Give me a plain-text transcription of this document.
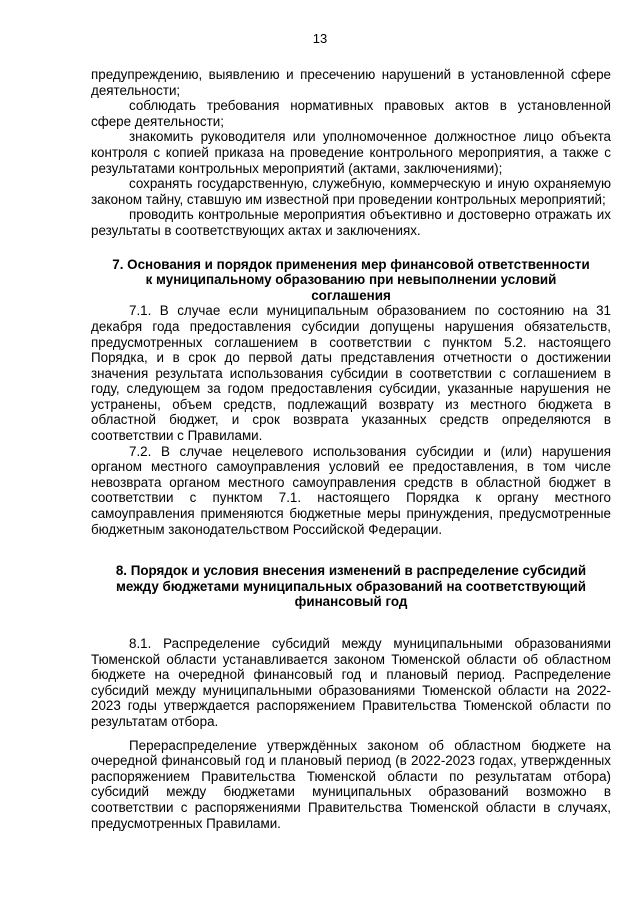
13

предупреждению, выявлению и пресечению нарушений в установленной сфере деятельности;

соблюдать требования нормативных правовых актов в установленной сфере деятельности;

знакомить руководителя или уполномоченное должностное лицо объекта контроля с копией приказа на проведение контрольного мероприятия, а также с результатами контрольных мероприятий (актами, заключениями);

сохранять государственную, служебную, коммерческую и иную охраняемую законом тайну, ставшую им известной при проведении контрольных мероприятий;

проводить контрольные мероприятия объективно и достоверно отражать их результаты в соответствующих актах и заключениях.

7. Основания и порядок применения мер финансовой ответственности к муниципальному образованию при невыполнении условий соглашения

7.1. В случае если муниципальным образованием по состоянию на 31 декабря года предоставления субсидии допущены нарушения обязательств, предусмотренных соглашением в соответствии с пунктом 5.2. настоящего Порядка, и в срок до первой даты представления отчетности о достижении значения результата использования субсидии в соответствии с соглашением в году, следующем за годом предоставления субсидии, указанные нарушения не устранены, объем средств, подлежащий возврату из местного бюджета в областной бюджет, и срок возврата указанных средств определяются в соответствии с Правилами.

7.2. В случае нецелевого использования субсидии и (или) нарушения органом местного самоуправления условий ее предоставления, в том числе невозврата органом местного самоуправления средств в областной бюджет в соответствии с пунктом 7.1. настоящего Порядка к органу местного самоуправления применяются бюджетные меры принуждения, предусмотренные бюджетным законодательством Российской Федерации.

8. Порядок и условия внесения изменений в распределение субсидий между бюджетами муниципальных образований на соответствующий финансовый год

8.1. Распределение субсидий между муниципальными образованиями Тюменской области устанавливается законом Тюменской области об областном бюджете на очередной финансовый год и плановый период. Распределение субсидий между муниципальными образованиями Тюменской области на 2022-2023 годы утверждается распоряжением Правительства Тюменской области по результатам отбора.

Перераспределение утверждённых законом об областном бюджете на очередной финансовый год и плановый период (в 2022-2023 годах, утвержденных распоряжением Правительства Тюменской области по результатам отбора) субсидий между бюджетами муниципальных образований возможно в соответствии с распоряжениями Правительства Тюменской области в случаях, предусмотренных Правилами.
